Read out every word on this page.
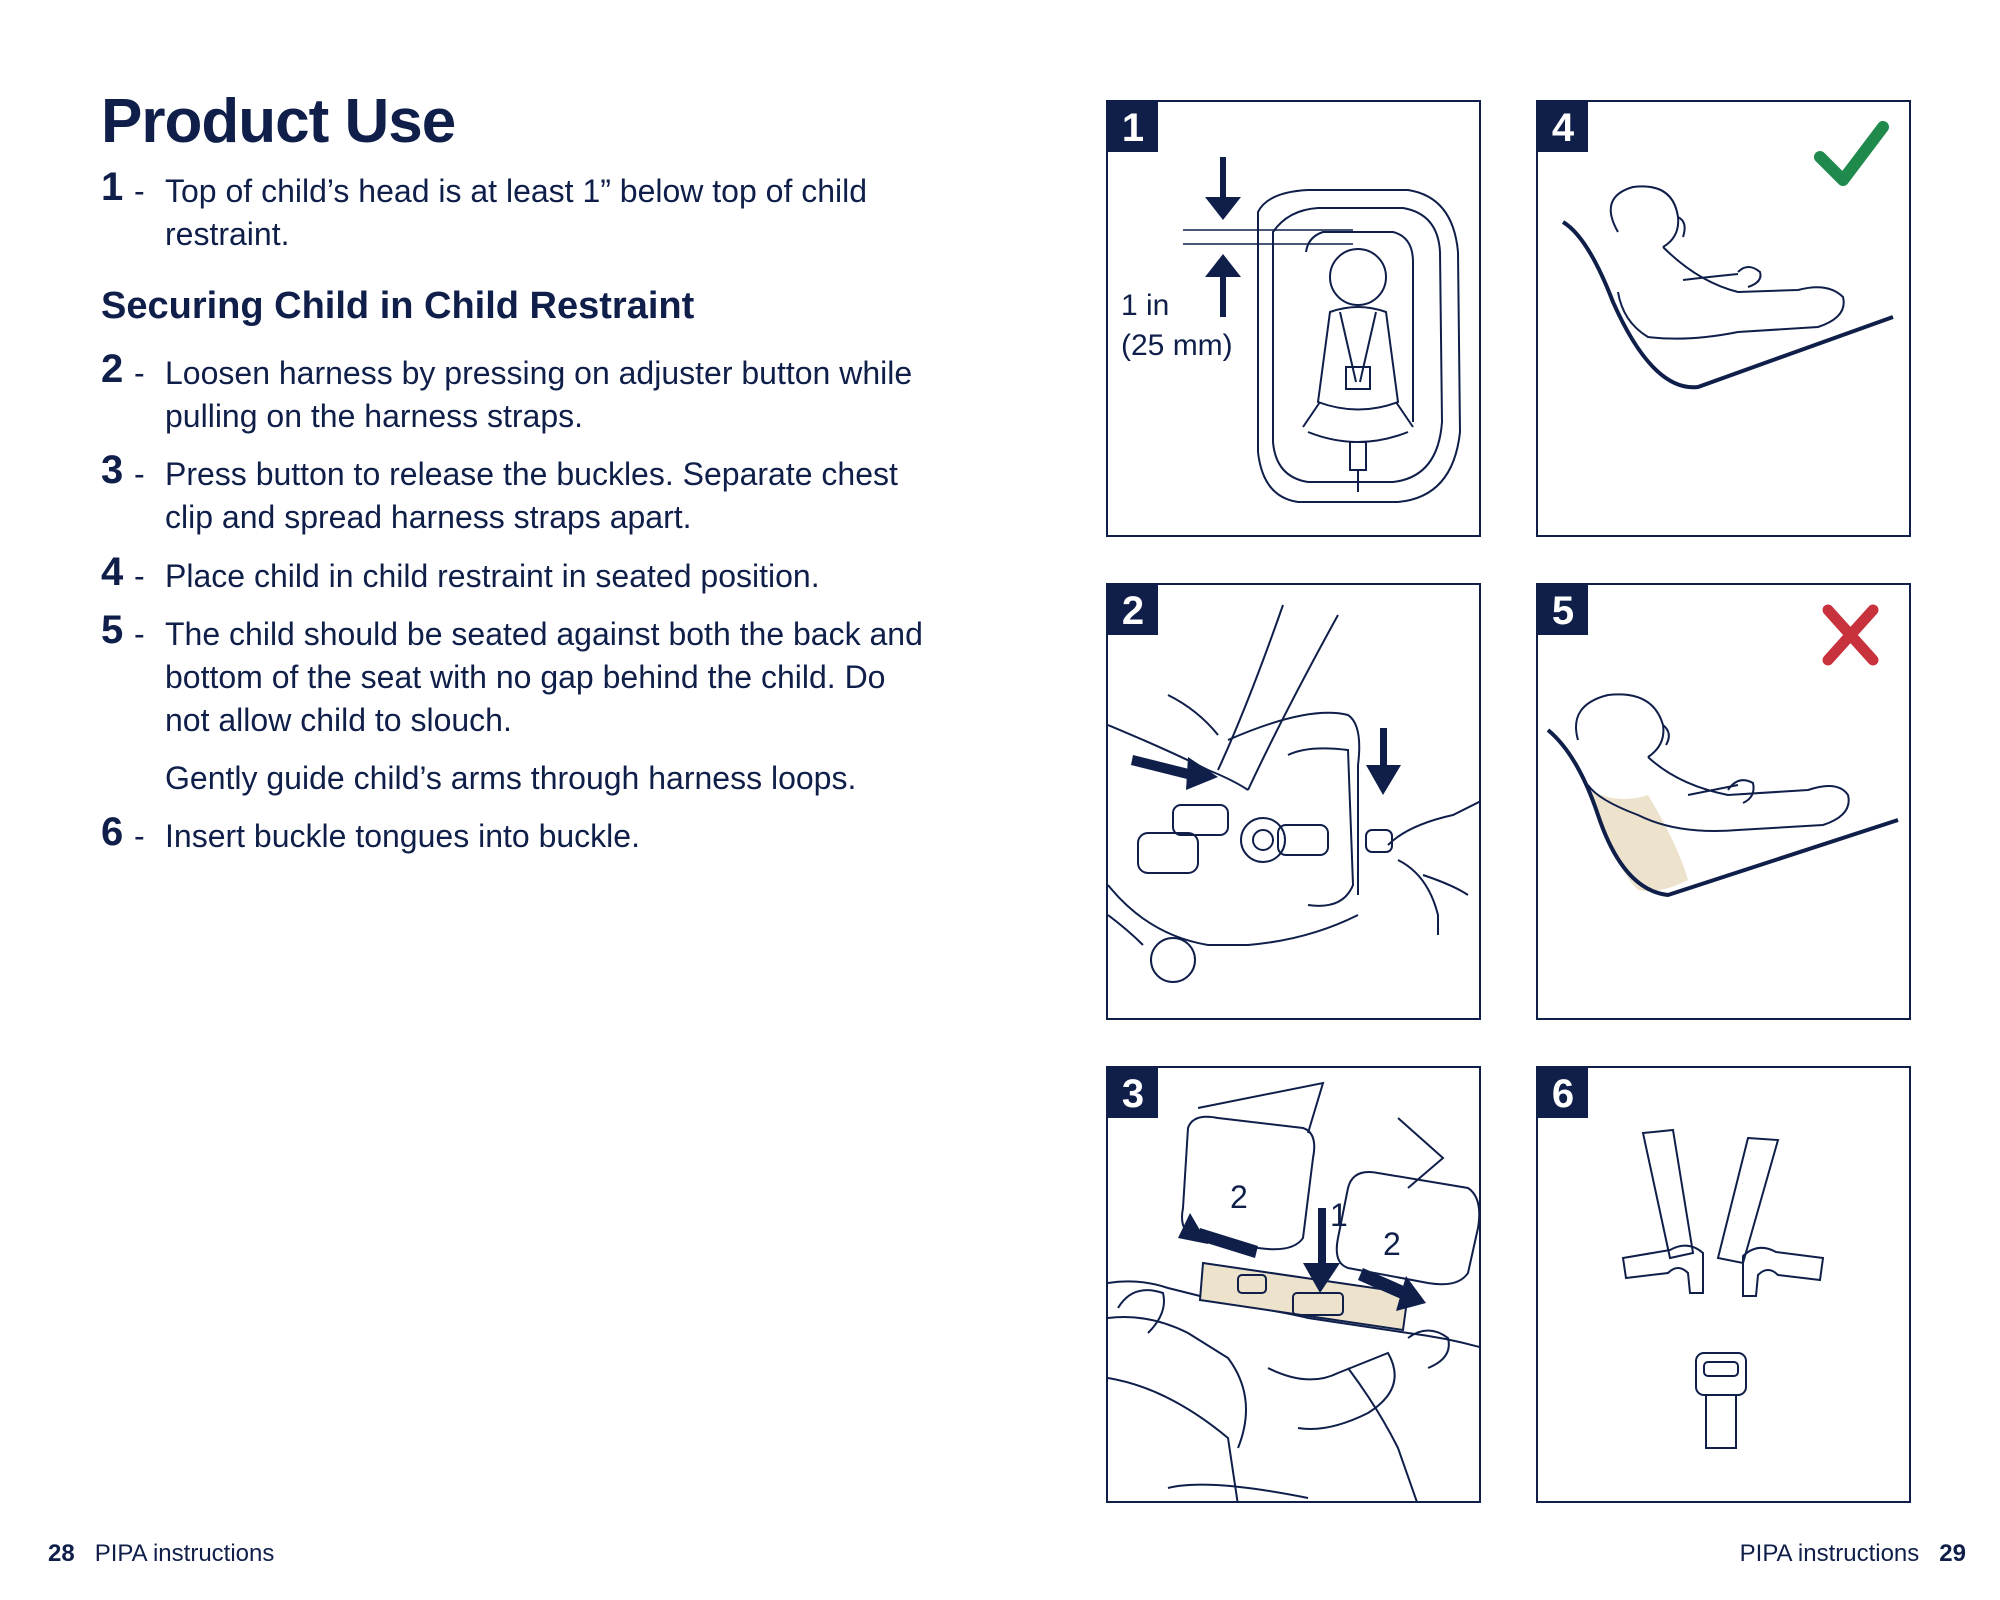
Product Use
1 - Top of child’s head is at least 1” below top of child restraint.
Securing Child in Child Restraint
2 - Loosen harness by pressing on adjuster button while pulling on the harness straps.
3 - Press button to release the buckles. Separate chest clip and spread harness straps apart.
4 - Place child in child restraint in seated position.
5 - The child should be seated against both the back and bottom of the seat with no gap behind the child. Do not allow child to slouch.
Gently guide child’s arms through harness loops.
6 - Insert buckle tongues into buckle.
1 in
(25 mm)
1	4
2	5
2	1
2
3	6
28 PIPA instructions	PIPA instructions 29
